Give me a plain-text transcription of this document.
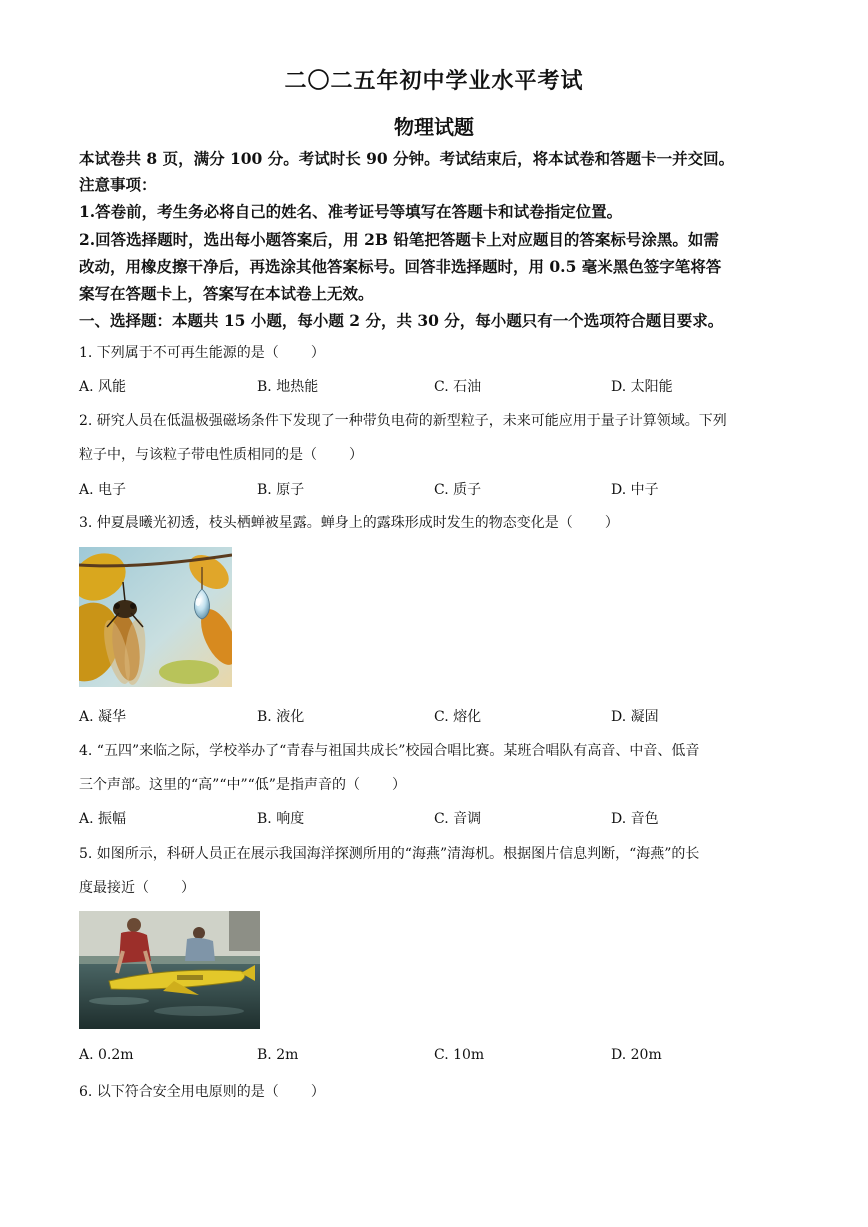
二〇二五年初中学业水平考试
物理试题
本试卷共 8 页，满分 100 分。考试时长 90 分钟。考试结束后，将本试卷和答题卡一并交回。
注意事项：
1.答卷前，考生务必将自己的姓名、准考证号等填写在答题卡和试卷指定位置。
2.回答选择题时，选出每小题答案后，用 2B 铅笔把答题卡上对应题目的答案标号涂黑。如需
改动，用橡皮擦干净后，再选涂其他答案标号。回答非选择题时，用 0.5 毫米黑色签字笔将答
案写在答题卡上，答案写在本试卷上无效。
一、选择题：本题共 15 小题，每小题 2 分，共 30 分，每小题只有一个选项符合题目要求。
1. 下列属于不可再生能源的是（ ）
A. 风能	B. 地热能	C. 石油	D. 太阳能
2. 研究人员在低温极强磁场条件下发现了一种带负电荷的新型粒子，未来可能应用于量子计算领域。下列
粒子中，与该粒子带电性质相同的是（ ）
A. 电子	B. 原子	C. 质子	D. 中子
3. 仲夏晨曦光初透，枝头栖蝉被星露。蝉身上的露珠形成时发生的物态变化是（ ）
A. 凝华	B. 液化	C. 熔化	D. 凝固
4. “五四”来临之际，学校举办了“青春与祖国共成长”校园合唱比赛。某班合唱队有高音、中音、低音
三个声部。这里的“高”“中”“低”是指声音的（ ）
A. 振幅	B. 响度	C. 音调	D. 音色
5. 如图所示，科研人员正在展示我国海洋探测所用的“海燕”清海机。根据图片信息判断，“海燕”的长
度最接近（ ）
A. 0.2m	B. 2m	C. 10m	D. 20m
6. 以下符合安全用电原则的是（ ）
